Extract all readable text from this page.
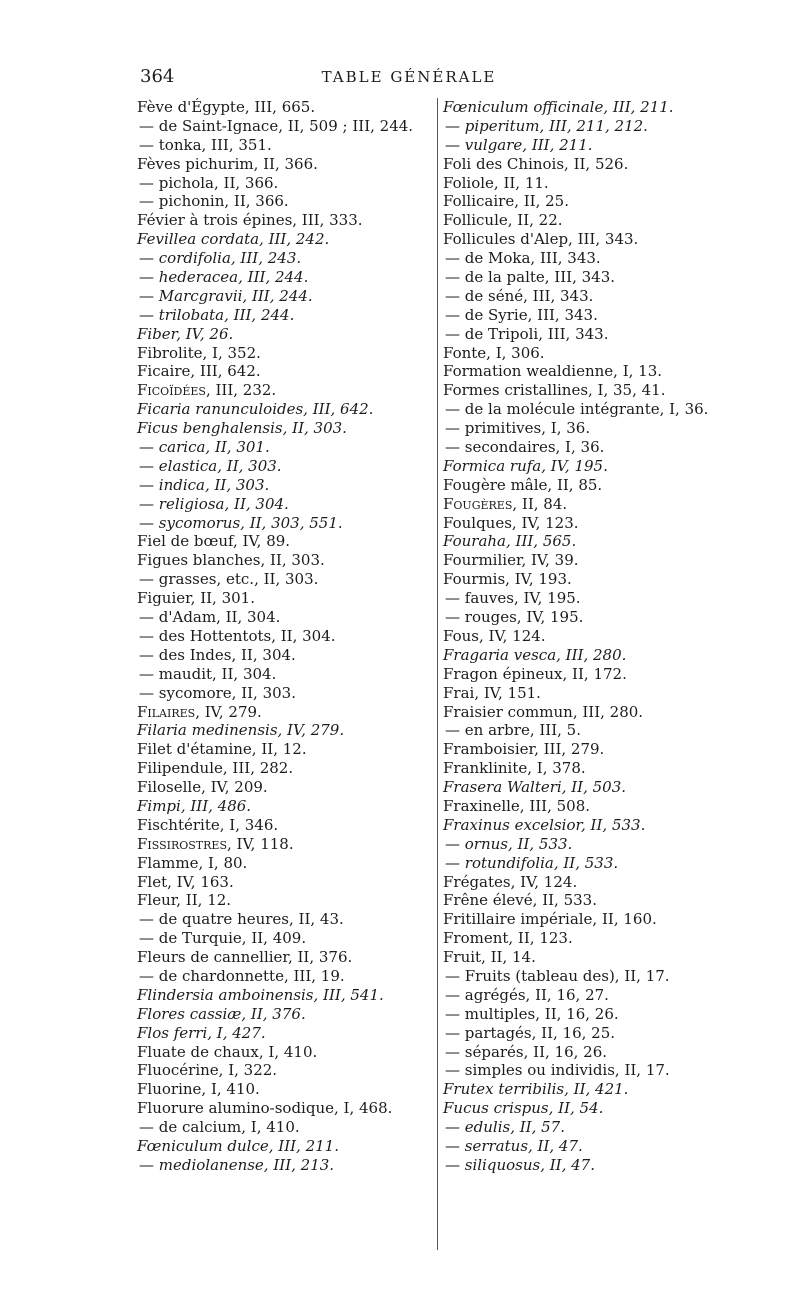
364	TABLE GÉNÉRALE
Fève d'Égypte, III, 665.
— de Saint-Ignace, II, 509 ; III, 244.
— tonka, III, 351.
Fèves pichurim, II, 366.
— pichola, II, 366.
— pichonin, II, 366.
Févier à trois épines, III, 333.
Fevillea cordata, III, 242.
— cordifolia, III, 243.
— hederacea, III, 244.
— Marcgravii, III, 244.
— trilobata, III, 244.
Fiber, IV, 26.
Fibrolite, I, 352.
Ficaire, III, 642.
Ficoïdées, III, 232.
Ficaria ranunculoides, III, 642.
Ficus benghalensis, II, 303.
— carica, II, 301.
— elastica, II, 303.
— indica, II, 303.
— religiosa, II, 304.
— sycomorus, II, 303, 551.
Fiel de bœuf, IV, 89.
Figues blanches, II, 303.
— grasses, etc., II, 303.
Figuier, II, 301.
— d'Adam, II, 304.
— des Hottentots, II, 304.
— des Indes, II, 304.
— maudit, II, 304.
— sycomore, II, 303.
Filaires, IV, 279.
Filaria medinensis, IV, 279.
Filet d'étamine, II, 12.
Filipendule, III, 282.
Filoselle, IV, 209.
Fimpi, III, 486.
Fischtérite, I, 346.
Fissirostres, IV, 118.
Flamme, I, 80.
Flet, IV, 163.
Fleur, II, 12.
— de quatre heures, II, 43.
— de Turquie, II, 409.
Fleurs de cannellier, II, 376.
— de chardonnette, III, 19.
Flindersia amboinensis, III, 541.
Flores cassiæ, II, 376.
Flos ferri, I, 427.
Fluate de chaux, I, 410.
Fluocérine, I, 322.
Fluorine, I, 410.
Fluorure alumino-sodique, I, 468.
— de calcium, I, 410.
Fœniculum dulce, III, 211.
— mediolanense, III, 213.
Fœniculum officinale, III, 211.
— piperitum, III, 211, 212.
— vulgare, III, 211.
Foli des Chinois, II, 526.
Foliole, II, 11.
Follicaire, II, 25.
Follicule, II, 22.
Follicules d'Alep, III, 343.
— de Moka, III, 343.
— de la palte, III, 343.
— de séné, III, 343.
— de Syrie, III, 343.
— de Tripoli, III, 343.
Fonte, I, 306.
Formation wealdienne, I, 13.
Formes cristallines, I, 35, 41.
— de la molécule intégrante, I, 36.
— primitives, I, 36.
— secondaires, I, 36.
Formica rufa, IV, 195.
Fougère mâle, II, 85.
Fougères, II, 84.
Foulques, IV, 123.
Fouraha, III, 565.
Fourmilier, IV, 39.
Fourmis, IV, 193.
— fauves, IV, 195.
— rouges, IV, 195.
Fous, IV, 124.
Fragaria vesca, III, 280.
Fragon épineux, II, 172.
Frai, IV, 151.
Fraisier commun, III, 280.
— en arbre, III, 5.
Framboisier, III, 279.
Franklinite, I, 378.
Frasera Walteri, II, 503.
Fraxinelle, III, 508.
Fraxinus excelsior, II, 533.
— ornus, II, 533.
— rotundifolia, II, 533.
Frégates, IV, 124.
Frêne élevé, II, 533.
Fritillaire impériale, II, 160.
Froment, II, 123.
Fruit, II, 14.
— Fruits (tableau des), II, 17.
— agrégés, II, 16, 27.
— multiples, II, 16, 26.
— partagés, II, 16, 25.
— séparés, II, 16, 26.
— simples ou individis, II, 17.
Frutex terribilis, II, 421.
Fucus crispus, II, 54.
— edulis, II, 57.
— serratus, II, 47.
— siliquosus, II, 47.
